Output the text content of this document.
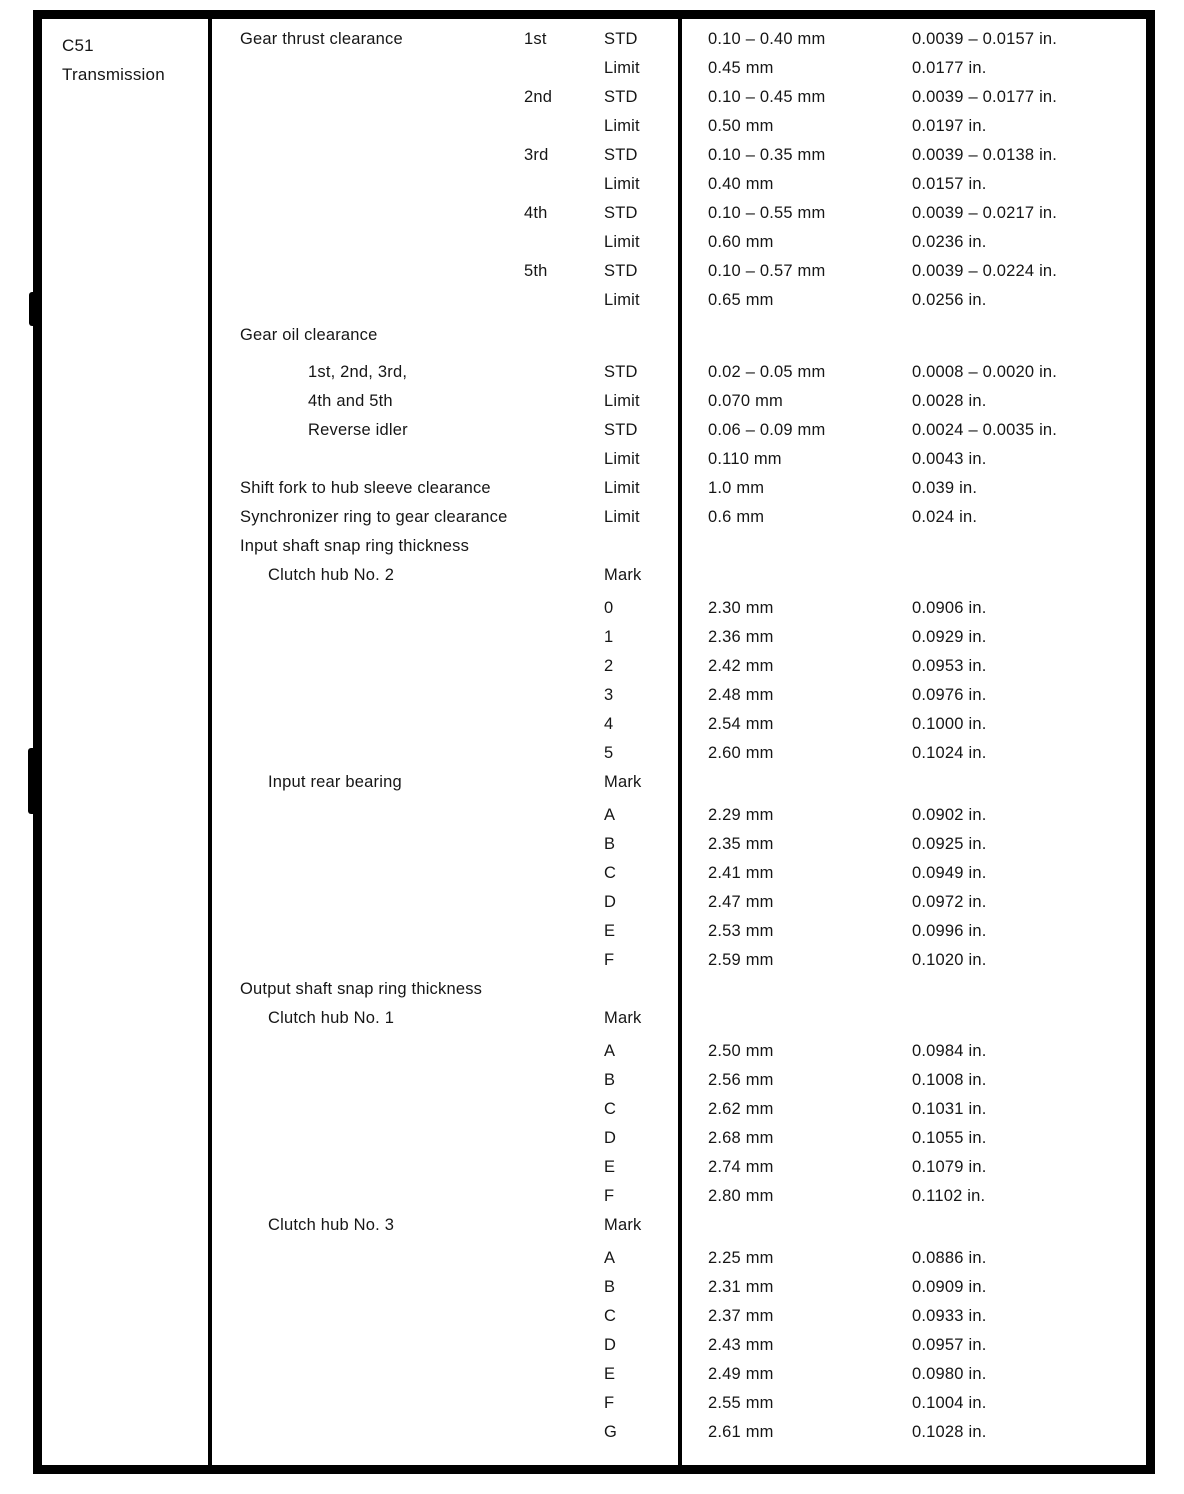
C51
Transmission
Gear thrust clearance	1st	STD	0.10 – 0.40 mm	0.0039 – 0.0157 in.
Limit	0.45 mm	0.0177 in.
2nd	STD	0.10 – 0.45 mm	0.0039 – 0.0177 in.
Limit	0.50 mm	0.0197 in.
3rd	STD	0.10 – 0.35 mm	0.0039 – 0.0138 in.
Limit	0.40 mm	0.0157 in.
4th	STD	0.10 – 0.55 mm	0.0039 – 0.0217 in.
Limit	0.60 mm	0.0236 in.
5th	STD	0.10 – 0.57 mm	0.0039 – 0.0224 in.
Limit	0.65 mm	0.0256 in.
Gear oil clearance
1st, 2nd, 3rd,	STD	0.02 – 0.05 mm	0.0008 – 0.0020 in.
4th and 5th	Limit	0.070 mm	0.0028 in.
Reverse idler	STD	0.06 – 0.09 mm	0.0024 – 0.0035 in.
Limit	0.110 mm	0.0043 in.
Shift fork to hub sleeve clearance	Limit	1.0 mm	0.039 in.
Synchronizer ring to gear clearance	Limit	0.6 mm	0.024 in.
Input shaft snap ring thickness
Clutch hub No. 2	Mark
0	2.30 mm	0.0906 in.
1	2.36 mm	0.0929 in.
2	2.42 mm	0.0953 in.
3	2.48 mm	0.0976 in.
4	2.54 mm	0.1000 in.
5	2.60 mm	0.1024 in.
Input rear bearing	Mark
A	2.29 mm	0.0902 in.
B	2.35 mm	0.0925 in.
C	2.41 mm	0.0949 in.
D	2.47 mm	0.0972 in.
E	2.53 mm	0.0996 in.
F	2.59 mm	0.1020 in.
Output shaft snap ring thickness
Clutch hub No. 1	Mark
A	2.50 mm	0.0984 in.
B	2.56 mm	0.1008 in.
C	2.62 mm	0.1031 in.
D	2.68 mm	0.1055 in.
E	2.74 mm	0.1079 in.
F	2.80 mm	0.1102 in.
Clutch hub No. 3	Mark
A	2.25 mm	0.0886 in.
B	2.31 mm	0.0909 in.
C	2.37 mm	0.0933 in.
D	2.43 mm	0.0957 in.
E	2.49 mm	0.0980 in.
F	2.55 mm	0.1004 in.
G	2.61 mm	0.1028 in.
